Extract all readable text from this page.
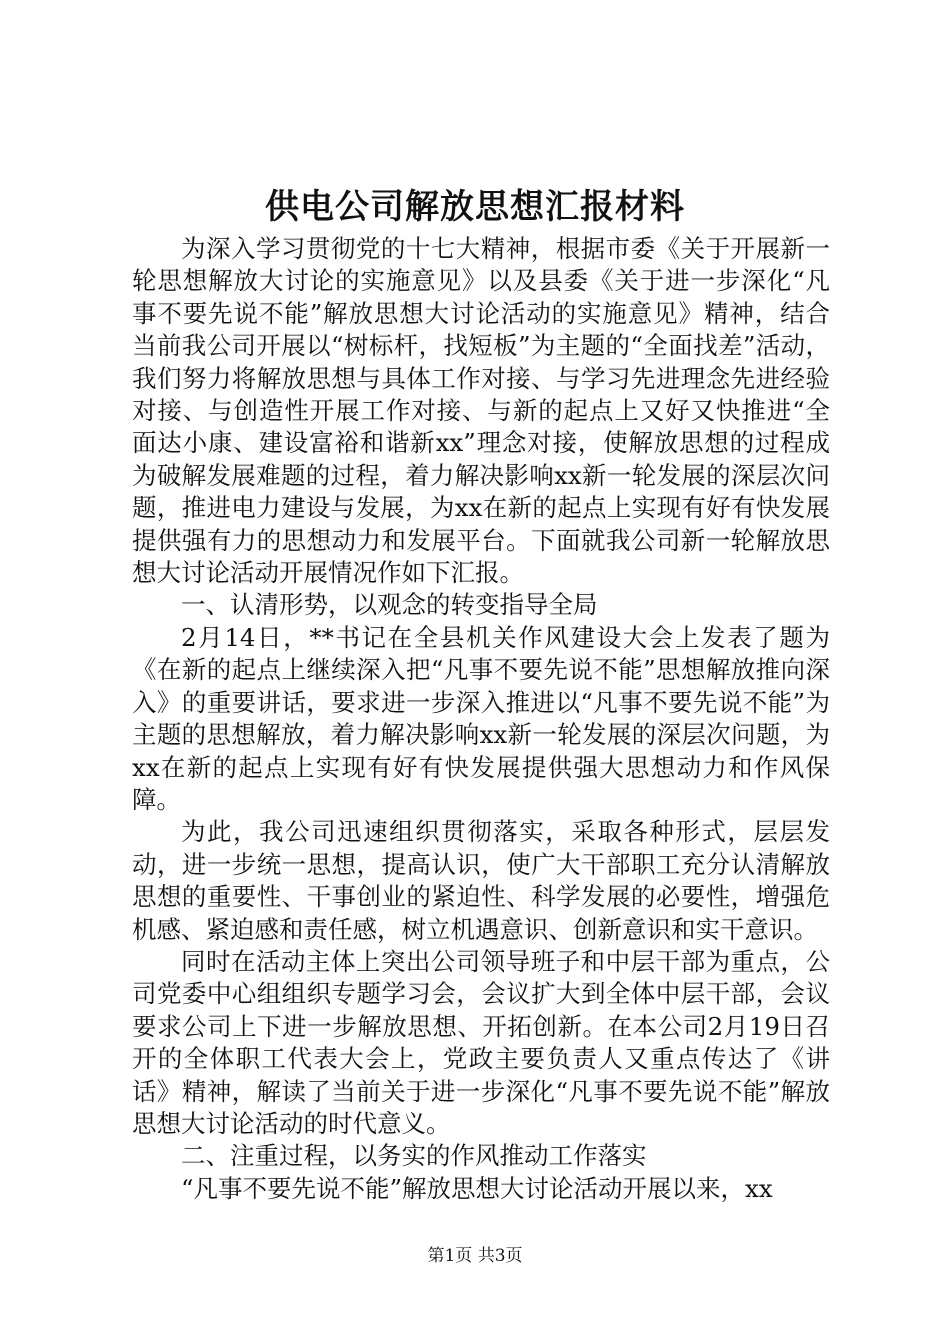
供电公司解放思想汇报材料

为深入学习贯彻党的十七大精神，根据市委《关于开展新一轮思想解放大讨论的实施意见》以及县委《关于进一步深化“凡事不要先说不能”解放思想大讨论活动的实施意见》精神，结合当前我公司开展以“树标杆，找短板”为主题的“全面找差”活动，我们努力将解放思想与具体工作对接、与学习先进理念先进经验对接、与创造性开展工作对接、与新的起点上又好又快推进“全面达小康、建设富裕和谐新xx”理念对接，使解放思想的过程成为破解发展难题的过程，着力解决影响xx新一轮发展的深层次问题，推进电力建设与发展，为xx在新的起点上实现有好有快发展提供强有力的思想动力和发展平台。下面就我公司新一轮解放思想大讨论活动开展情况作如下汇报。

一、认清形势，以观念的转变指导全局

2月14日，**书记在全县机关作风建设大会上发表了题为《在新的起点上继续深入把“凡事不要先说不能”思想解放推向深入》的重要讲话，要求进一步深入推进以“凡事不要先说不能”为主题的思想解放，着力解决影响xx新一轮发展的深层次问题，为xx在新的起点上实现有好有快发展提供强大思想动力和作风保障。

为此，我公司迅速组织贯彻落实，采取各种形式，层层发动，进一步统一思想，提高认识，使广大干部职工充分认清解放思想的重要性、干事创业的紧迫性、科学发展的必要性，增强危机感、紧迫感和责任感，树立机遇意识、创新意识和实干意识。

同时在活动主体上突出公司领导班子和中层干部为重点，公司党委中心组组织专题学习会，会议扩大到全体中层干部，会议要求公司上下进一步解放思想、开拓创新。在本公司2月19日召开的全体职工代表大会上，党政主要负责人又重点传达了《讲话》精神，解读了当前关于进一步深化“凡事不要先说不能”解放思想大讨论活动的时代意义。

二、注重过程，以务实的作风推动工作落实

“凡事不要先说不能”解放思想大讨论活动开展以来，xx

第1页 共3页
